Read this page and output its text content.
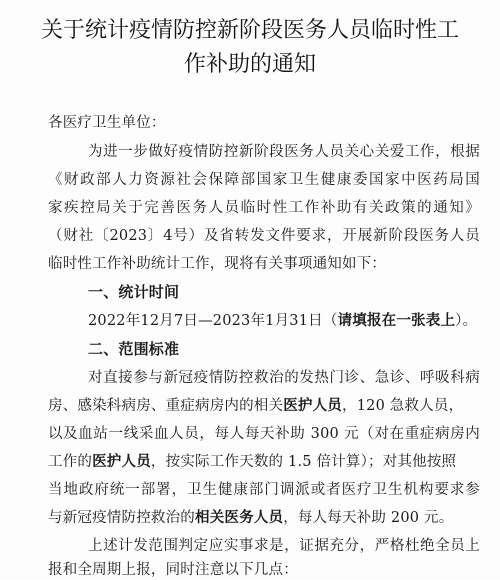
关于统计疫情防控新阶段医务人员临时性工
作补助的通知
各医疗卫生单位：
为进一步做好疫情防控新阶段医务人员关心关爱工作，根据
《财政部人力资源社会保障部国家卫生健康委国家中医药局国
家疾控局关于完善医务人员临时性工作补助有关政策的通知》
（财社〔2023〕4号）及省转发文件要求，开展新阶段医务人员
临时性工作补助统计工作，现将有关事项通知如下：
一、统计时间
2022年12月7日—2023年1月31日（请填报在一张表上）。
二、范围标准
对直接参与新冠疫情防控救治的发热门诊、急诊、呼吸科病
房、感染科病房、重症病房内的相关医护人员，120 急救人员，
以及血站一线采血人员，每人每天补助 300 元（对在重症病房内
工作的医护人员，按实际工作天数的 1.5 倍计算）；对其他按照
当地政府统一部署，卫生健康部门调派或者医疗卫生机构要求参
与新冠疫情防控救治的相关医务人员，每人每天补助 200 元。
上述计发范围判定应实事求是，证据充分，严格杜绝全员上
报和全周期上报，同时注意以下几点：
